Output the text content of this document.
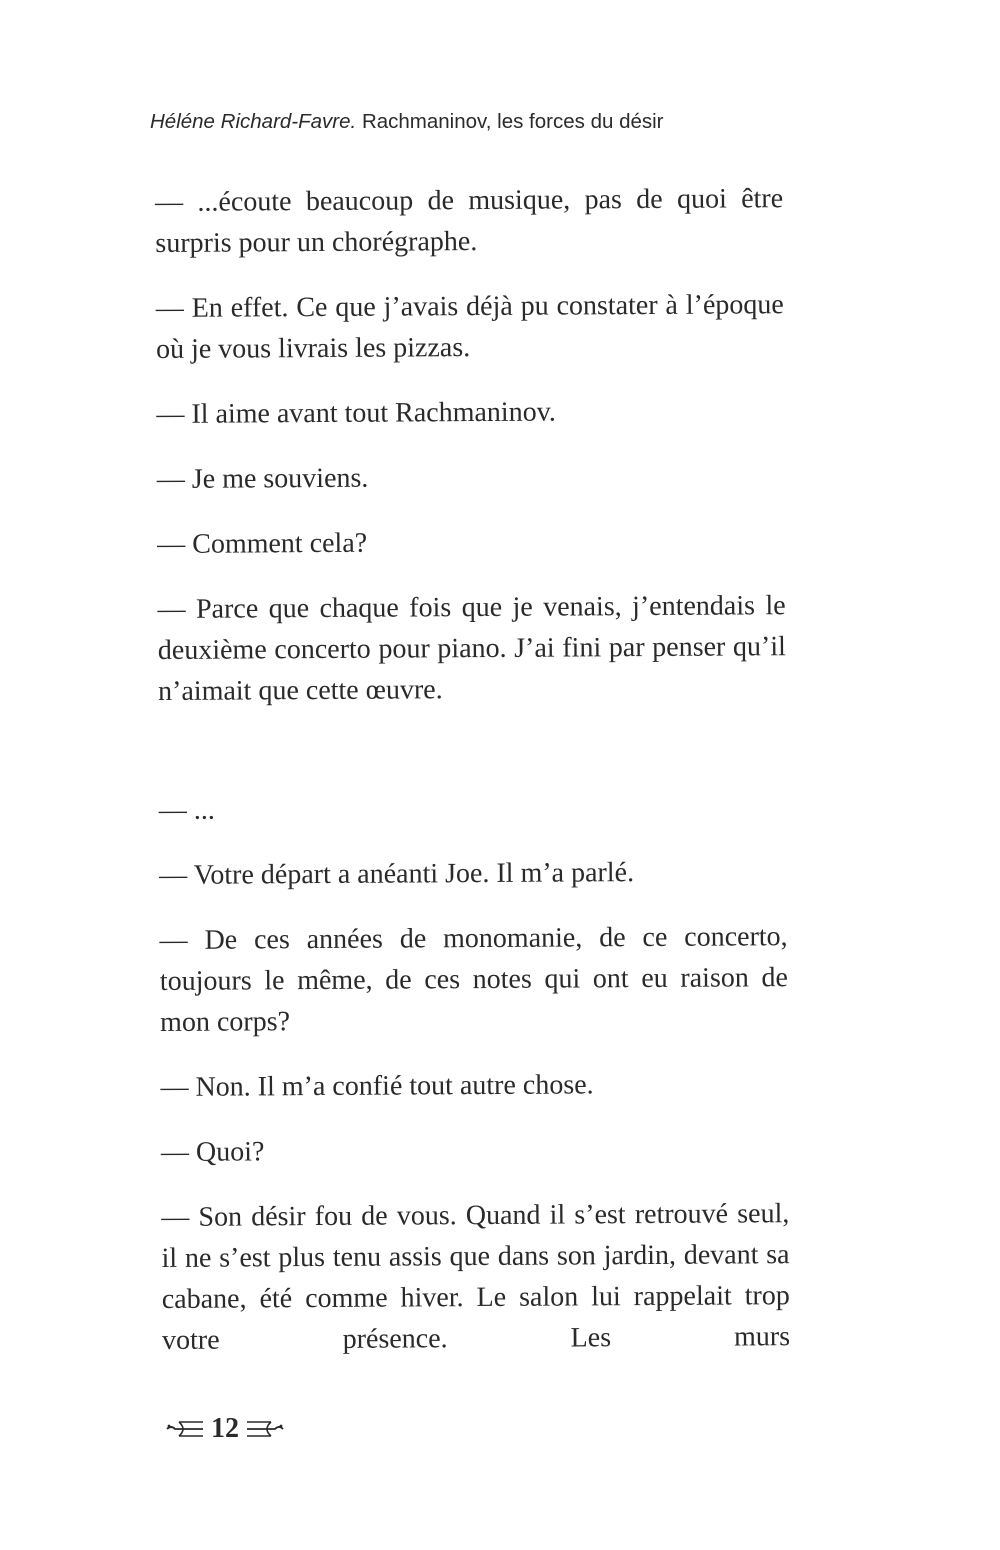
Héléne Richard-Favre. Rachmaninov, les forces du désir

— ...écoute beaucoup de musique, pas de quoi être surpris pour un chorégraphe.

— En effet. Ce que j’avais déjà pu constater à l’époque où je vous livrais les pizzas.

— Il aime avant tout Rachmaninov.

— Je me souviens.

— Comment cela?

— Parce que chaque fois que je venais, j’entendais le deuxième concerto pour piano. J’ai fini par penser qu’il n’aimait que cette œuvre.

— ...

— Votre départ a anéanti Joe. Il m’a parlé.

— De ces années de monomanie, de ce concerto, toujours le même, de ces notes qui ont eu raison de mon corps?

— Non. Il m’a confié tout autre chose.

— Quoi?

— Son désir fou de vous. Quand il s’est retrouvé seul, il ne s’est plus tenu assis que dans son jardin, devant sa cabane, été comme hiver. Le salon lui rappelait trop votre présence. Les murs

12
